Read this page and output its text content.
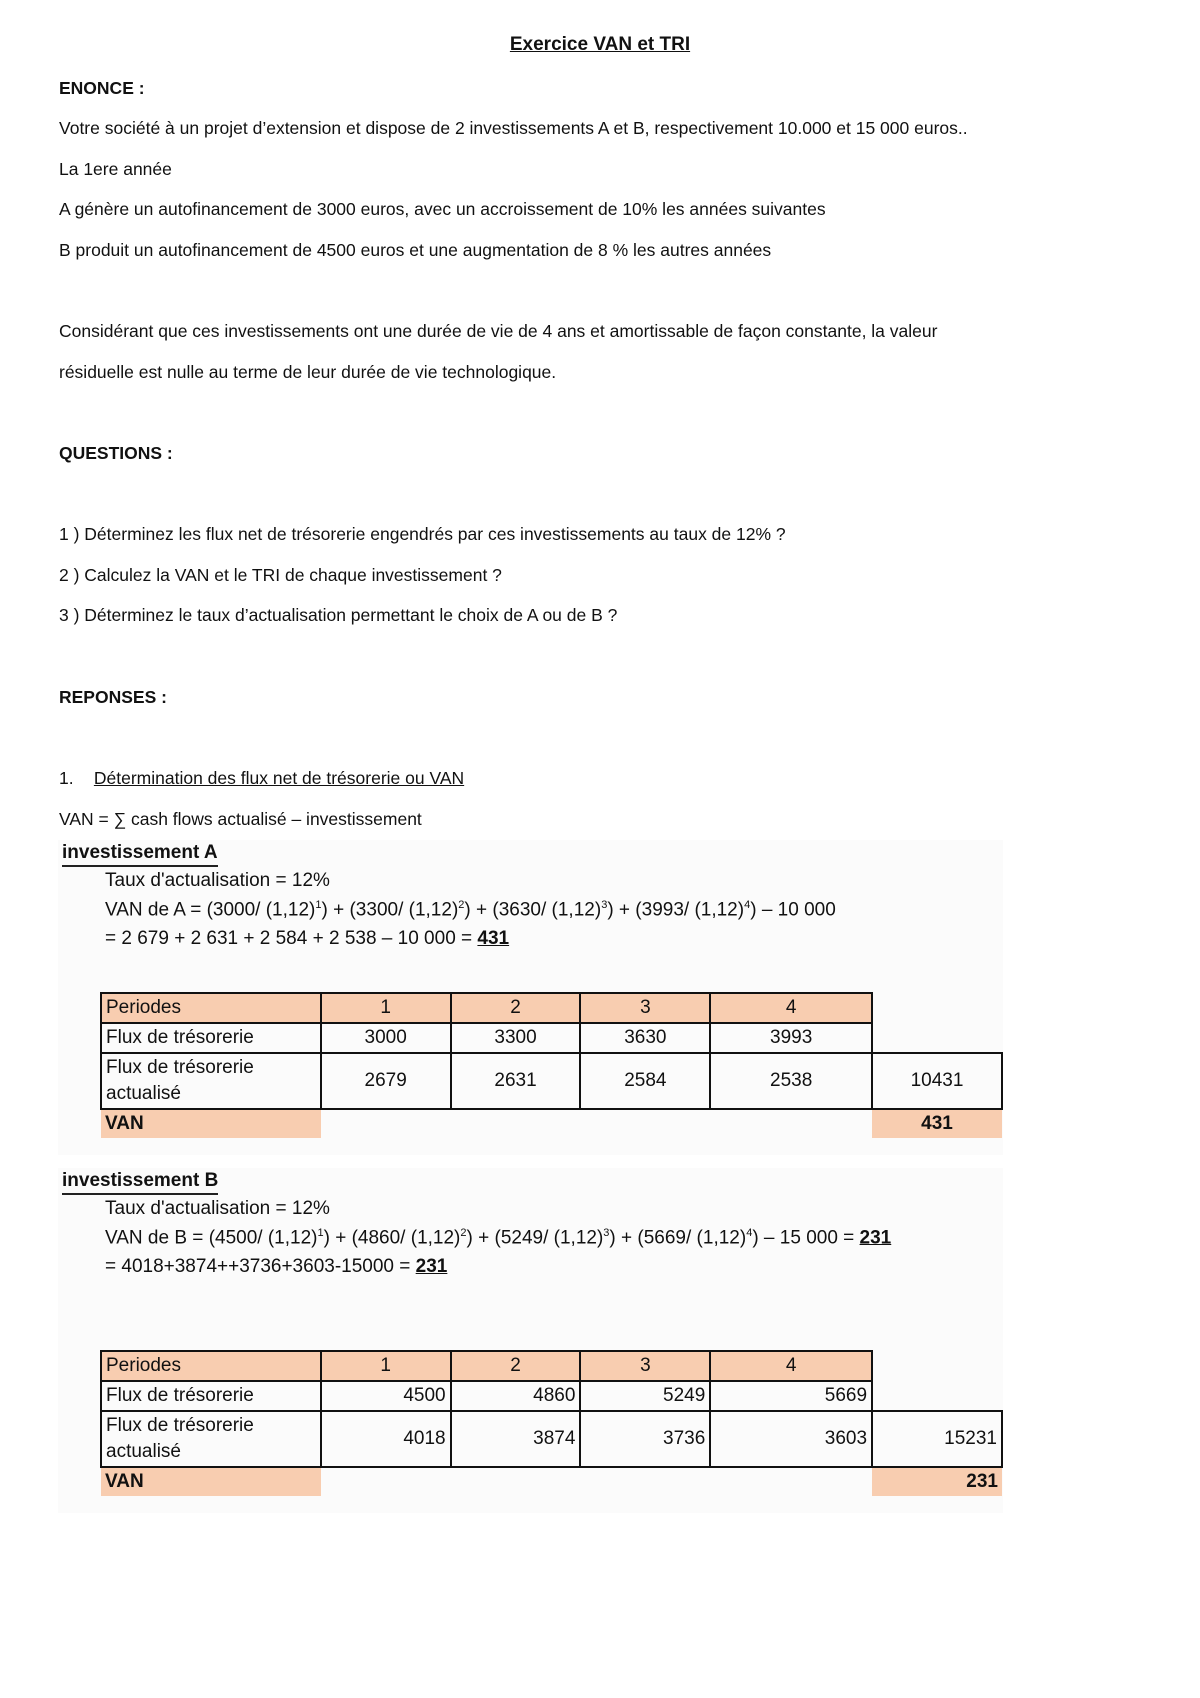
Exercice VAN et TRI
ENONCE :
Votre société à un projet d’extension et dispose de 2 investissements A et B, respectivement 10.000 et 15 000 euros..
La 1ere année
A génère un autofinancement de 3000 euros, avec un accroissement de 10% les années suivantes
B produit un autofinancement de 4500 euros et une augmentation de 8 % les autres années
Considérant que ces investissements ont une durée de vie de 4 ans et amortissable de façon constante, la valeur
résiduelle est nulle au terme de leur durée de vie technologique.
QUESTIONS :
1 ) Déterminez les flux net de trésorerie engendrés par ces investissements au taux de 12% ?
2 ) Calculez la VAN et le TRI de chaque investissement ?
3 ) Déterminez le taux d’actualisation permettant le choix de A ou de B ?
REPONSES :
1. Détermination des flux net de trésorerie ou VAN
VAN = ∑ cash flows actualisé – investissement
investissement A
Taux d'actualisation = 12%
VAN de A = (3000/ $(1,12)^1) + (3300/$ $(1,12)^2) + (3630/$ $(1,12)^3) + (3993/$ $(1,12)^4) - 10$ 000
= 2 679 + 2 631 + 2 584 + 2 538 – 10 000 = 431
Periodes	1	2	3	4	
Flux de trésorerie	3000	3300	3630	3993	
Flux de trésorerie
actualisé	2679	2631	2584	2538	10431
VAN					431
investissement B
Taux d'actualisation = 12%
VAN de B = (4500/ $(1,12)^1) + (4860/$ $(1,12)^2) + (5249/$ $(1,12)^3) + (5669/$ $(1,12)^4) - 15$ 000 = 231
= 4018+3874++3736+3603-15000 = 231
Periodes	1	2	3	4	
Flux de trésorerie	4500	4860	5249	5669	
Flux de trésorerie
actualisé	4018	3874	3736	3603	15231
VAN					231
